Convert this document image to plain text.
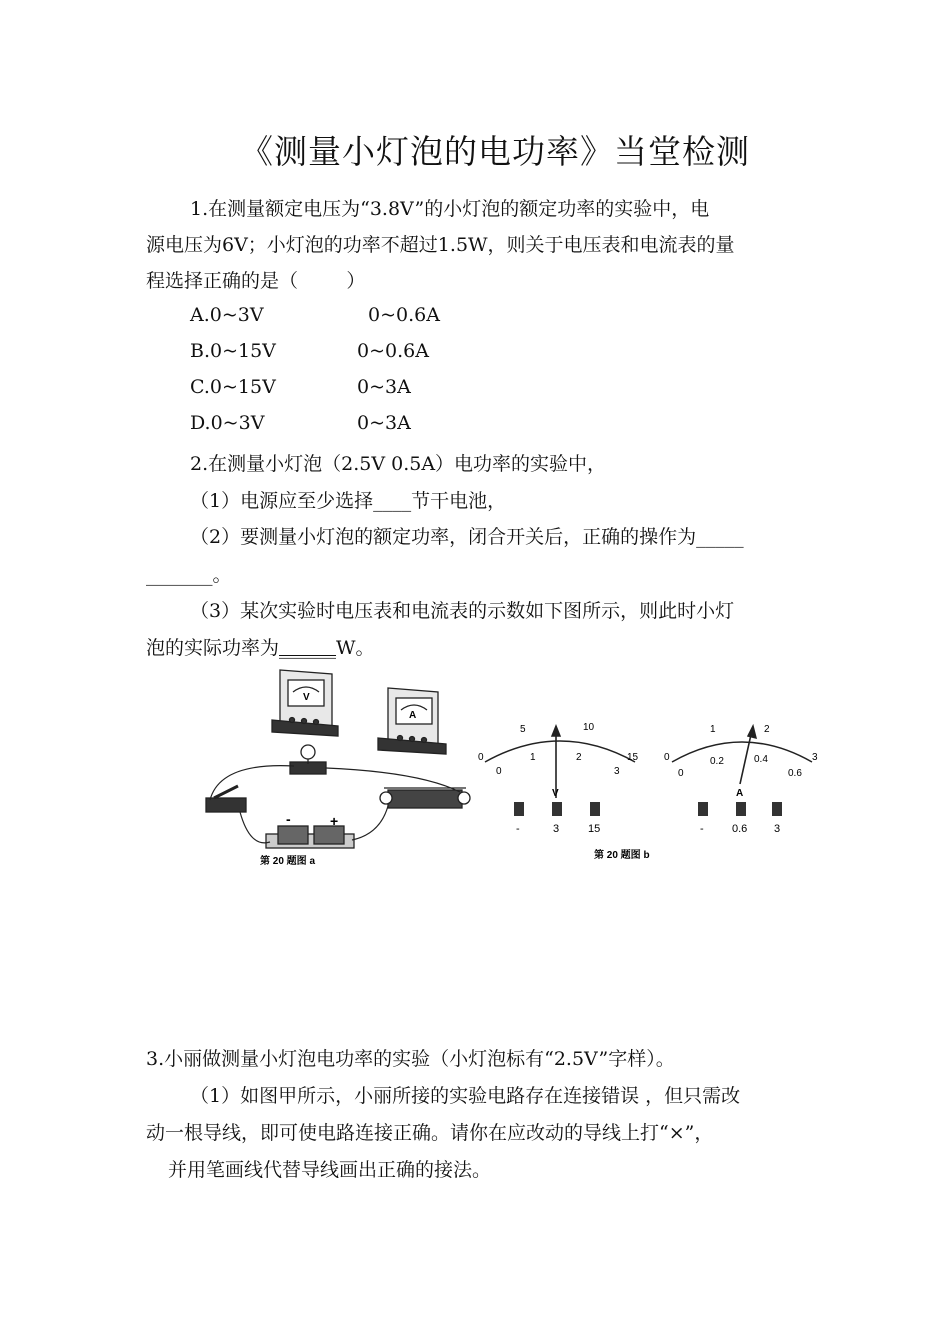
《测量小灯泡的电功率》当堂检测
1.在测量额定电压为“3.8V”的小灯泡的额定功率的实验中，电
源电压为6V；小灯泡的功率不超过1.5W，则关于电压表和电流表的量
程选择正确的是（        ）
A.0~3V	0~0.6A
B.0~15V	0~0.6A
C.0~15V	0~3A
D.0~3V	0~3A
2.在测量小灯泡（2.5V 0.5A）电功率的实验中，
（1）电源应至少选择____节干电池，
（2）要测量小灯泡的额定功率，闭合开关后，正确的操作为_____
_______。
（3）某次实验时电压表和电流表的示数如下图所示，则此时小灯
泡的实际功率为______W。
V
A
-	+
第 20 题图 a
0
5	10
15
0
1	2
3
V
-	3	15
0
1	2
3
0
0.2	0.4
0.6
A
-	0.6 3
第 20 题图 b
3.小丽做测量小灯泡电功率的实验（小灯泡标有“2.5V”字样）。
（1）如图甲所示，小丽所接的实验电路存在连接错误 ，但只需改
动一根导线，即可使电路连接正确。请你在应改动的导线上打“×”，
并用笔画线代替导线画出正确的接法。
